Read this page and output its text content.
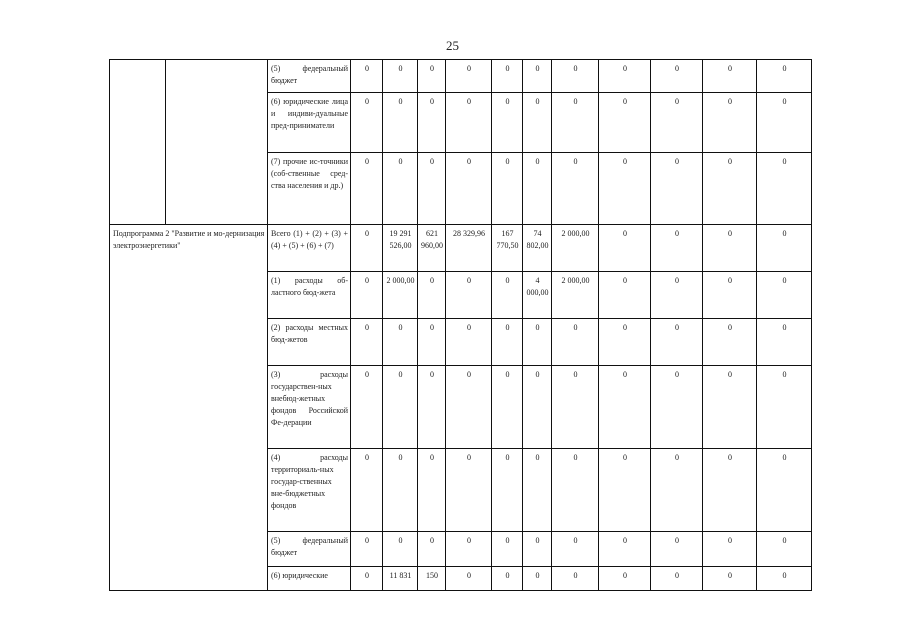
25
		(5) федеральный бюджет	0	0	0	0	0	0	0	0	0	0	0
		(6) юридические лица и индиви-дуальные пред-приниматели	0	0	0	0	0	0	0	0	0	0	0
		(7) прочие ис-точники (соб-ственные сред-ства населения и др.)	0	0	0	0	0	0	0	0	0	0	0
Подпрограмма 2 "Развитие и мо-дернизация электроэнергетики"		Всего (1) + (2) + (3) + (4) + (5) + (6) + (7)	0	19 291 526,00	621 960,00	28 329,96	167 770,50	74 802,00	2 000,00	0	0	0	0
		(1) расходы об-ластного бюд-жета	0	2 000,00	0	0	0	4 000,00	2 000,00	0	0	0	0
		(2) расходы местных бюд-жетов	0	0	0	0	0	0	0	0	0	0	0
		(3) расходы государствен-ных внебюд-жетных фондов Российской Фе-дерации	0	0	0	0	0	0	0	0	0	0	0
		(4) расходы территориаль-ных государ-ственных вне-бюджетных фондов	0	0	0	0	0	0	0	0	0	0	0
		(5) федеральный бюджет	0	0	0	0	0	0	0	0	0	0	0
		(6) юридические	0	11 831	150	0	0	0	0	0	0	0	0
